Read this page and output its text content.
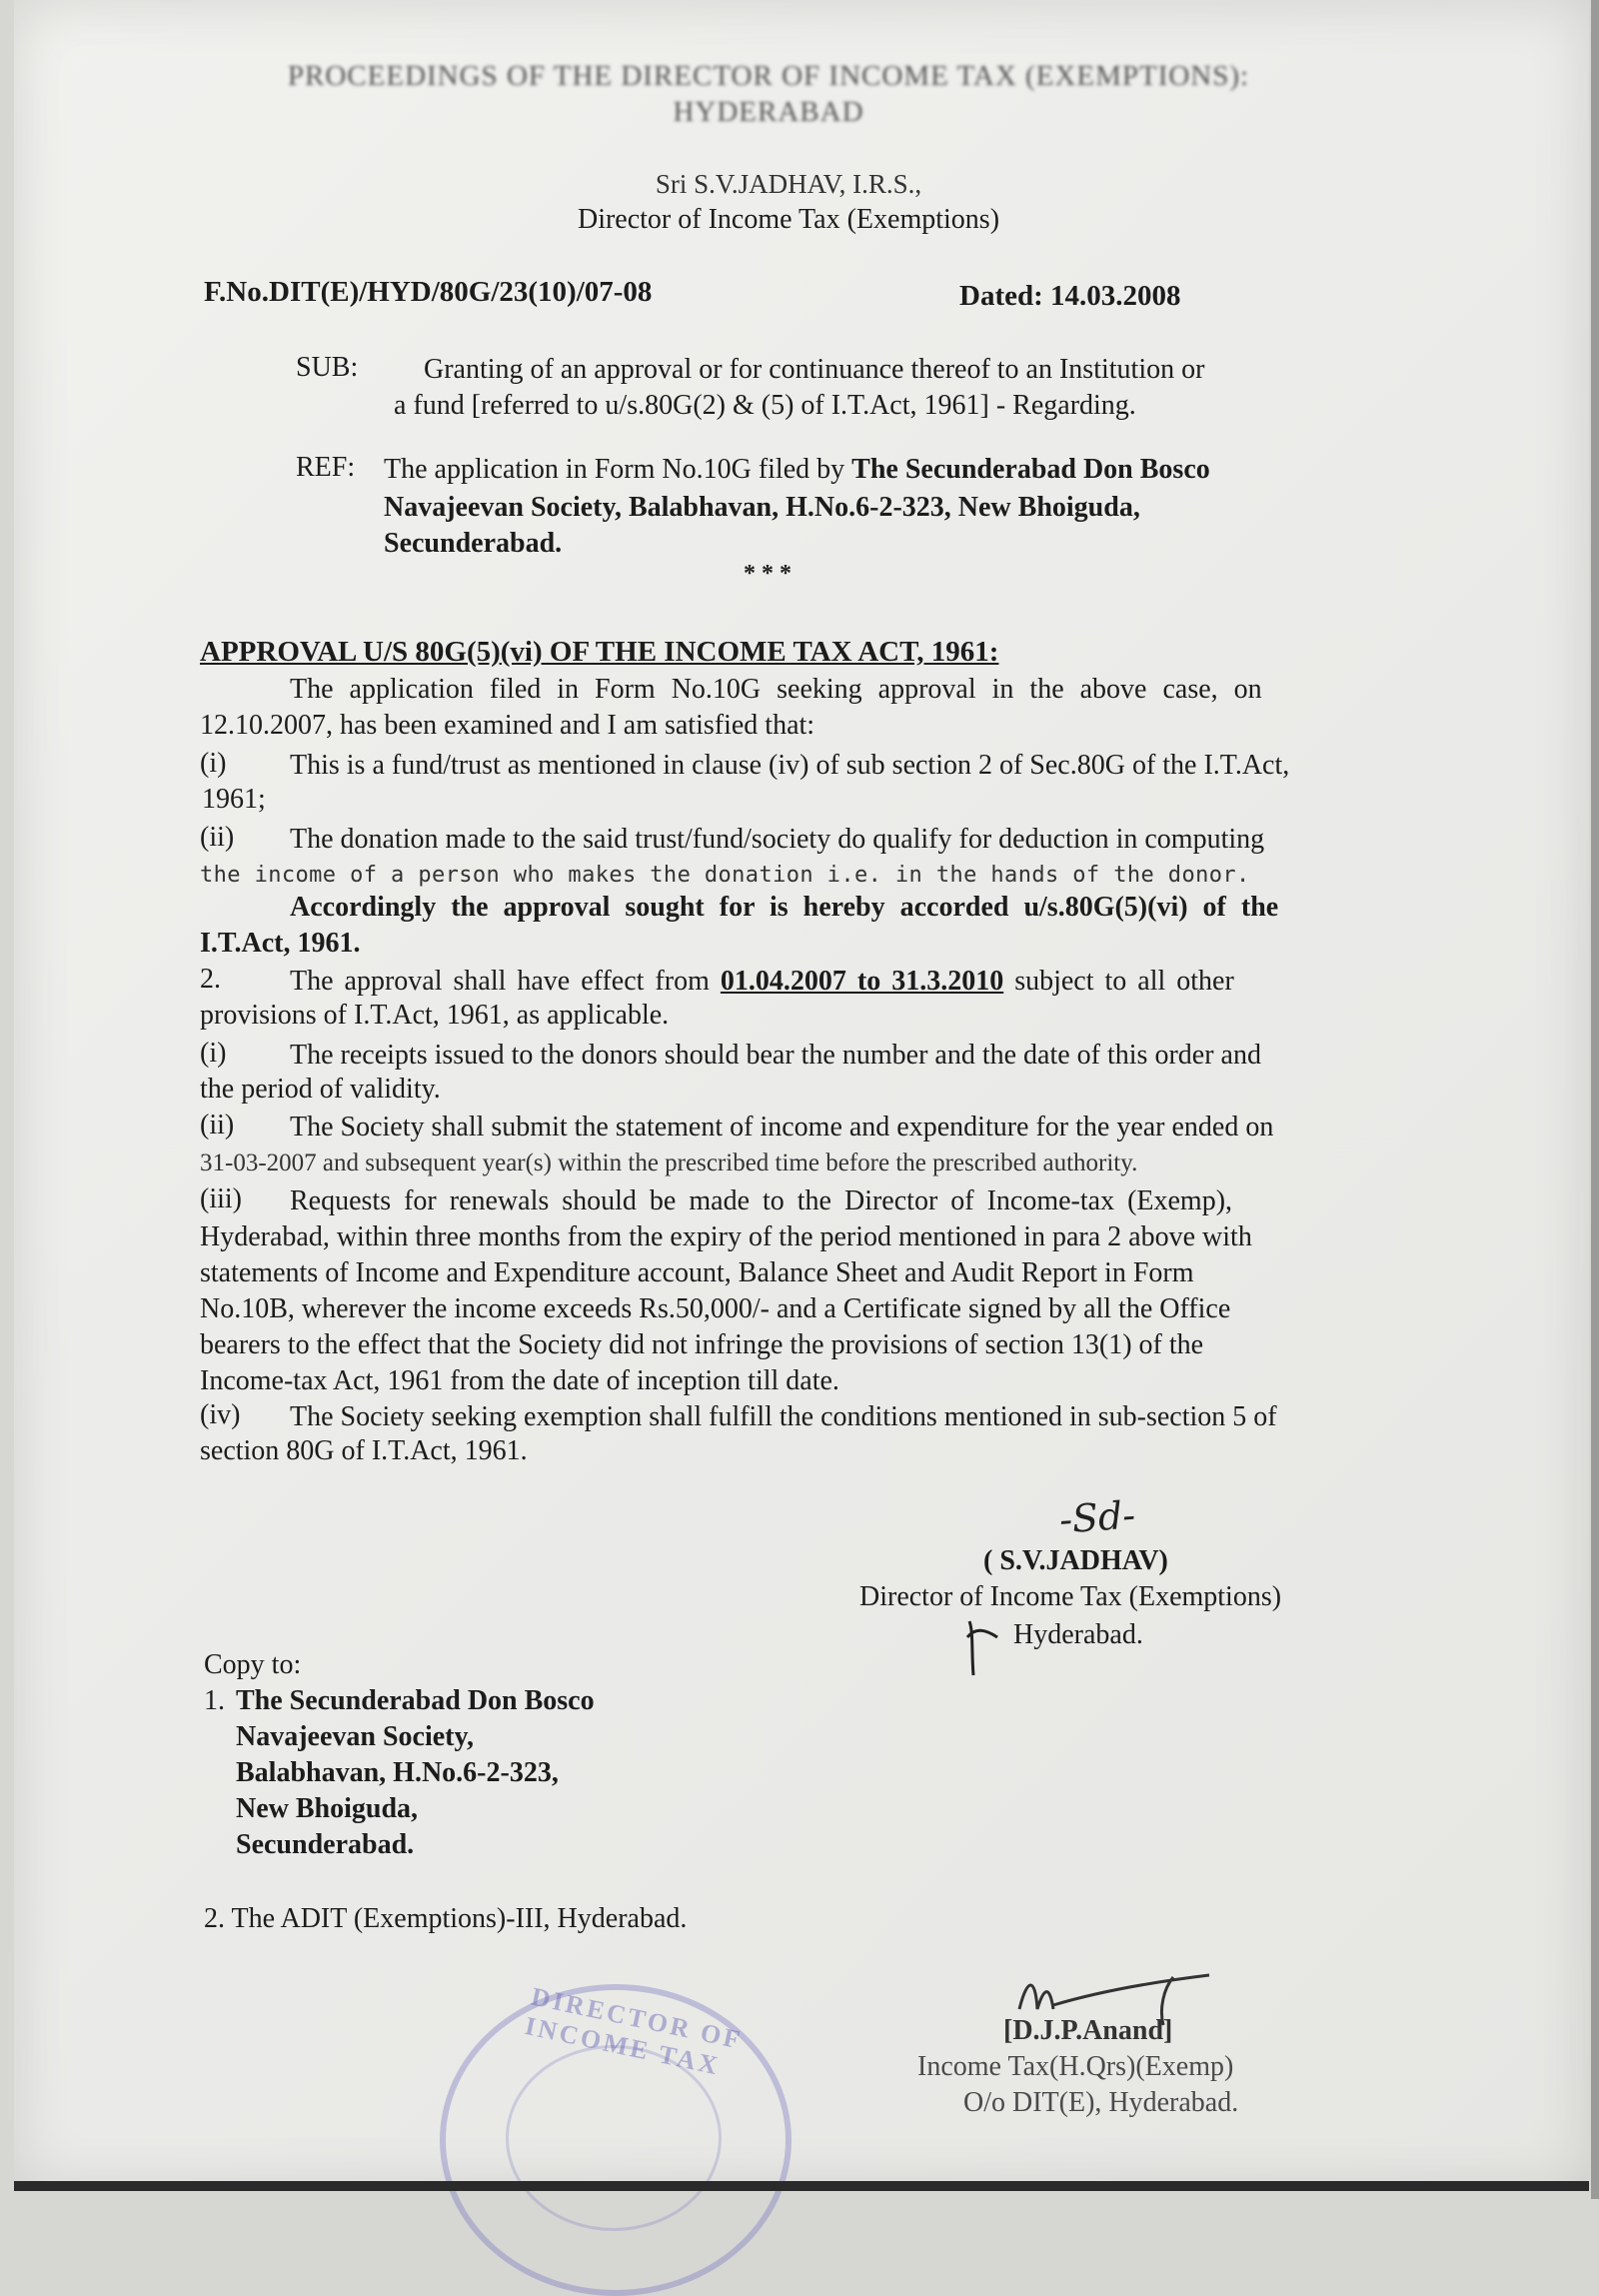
PROCEEDINGS OF THE DIRECTOR OF INCOME TAX (EXEMPTIONS):
HYDERABAD
Sri S.V.JADHAV, I.R.S.,
Director of Income Tax (Exemptions)
F.No.DIT(E)/HYD/80G/23(10)/07-08	Dated: 14.03.2008
SUB: Granting of an approval or for continuance thereof to an Institution or
a fund [referred to u/s.80G(2) & (5) of I.T.Act, 1961] - Regarding.
REF: The application in Form No.10G filed by The Secunderabad Don Bosco
Navajeevan Society, Balabhavan, H.No.6-2-323, New Bhoiguda,
Secunderabad.
* * *
APPROVAL U/S 80G(5)(vi) OF THE INCOME TAX ACT, 1961:
The application filed in Form No.10G seeking approval in the above case, on
12.10.2007, has been examined and I am satisfied that:
(i) This is a fund/trust as mentioned in clause (iv) of sub section 2 of Sec.80G of the I.T.Act,
1961;
(ii) The donation made to the said trust/fund/society do qualify for deduction in computing
the income of a person who makes the donation i.e. in the hands of the donor.
Accordingly the approval sought for is hereby accorded u/s.80G(5)(vi) of the
I.T.Act, 1961.
2. The approval shall have effect from 01.04.2007 to 31.3.2010 subject to all other
provisions of I.T.Act, 1961, as applicable.
(i) The receipts issued to the donors should bear the number and the date of this order and
the period of validity.
(ii) The Society shall submit the statement of income and expenditure for the year ended on
31-03-2007 and subsequent year(s) within the prescribed time before the prescribed authority.
(iii) Requests for renewals should be made to the Director of Income-tax (Exemp),
Hyderabad, within three months from the expiry of the period mentioned in para 2 above with
statements of Income and Expenditure account, Balance Sheet and Audit Report in Form
No.10B, wherever the income exceeds Rs.50,000/- and a Certificate signed by all the Office
bearers to the effect that the Society did not infringe the provisions of section 13(1) of the
Income-tax Act, 1961 from the date of inception till date.
(iv) The Society seeking exemption shall fulfill the conditions mentioned in sub-section 5 of
section 80G of I.T.Act, 1961.
-Sd-
( S.V.JADHAV)
Director of Income Tax (Exemptions)
Hyderabad.
Copy to:
1. The Secunderabad Don Bosco
Navajeevan Society,
Balabhavan, H.No.6-2-323,
New Bhoiguda,
Secunderabad.
2. The ADIT (Exemptions)-III, Hyderabad.
DIRECTOR OF INCOME TAX	[D.J.P.Anand]
Income Tax(H.Qrs)(Exemp)
O/o DIT(E), Hyderabad.
